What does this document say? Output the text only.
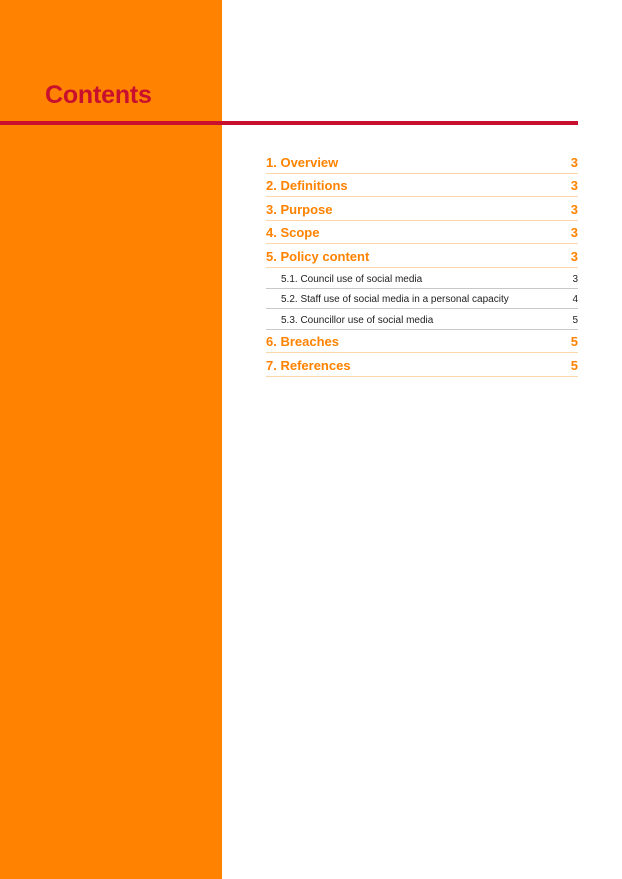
Contents
1. Overview	3
2. Definitions	3
3. Purpose	3
4. Scope	3
5. Policy content	3
5.1. Council use of social media	3
5.2. Staff use of social media in a personal capacity	4
5.3. Councillor use of social media	5
6. Breaches	5
7. References	5
